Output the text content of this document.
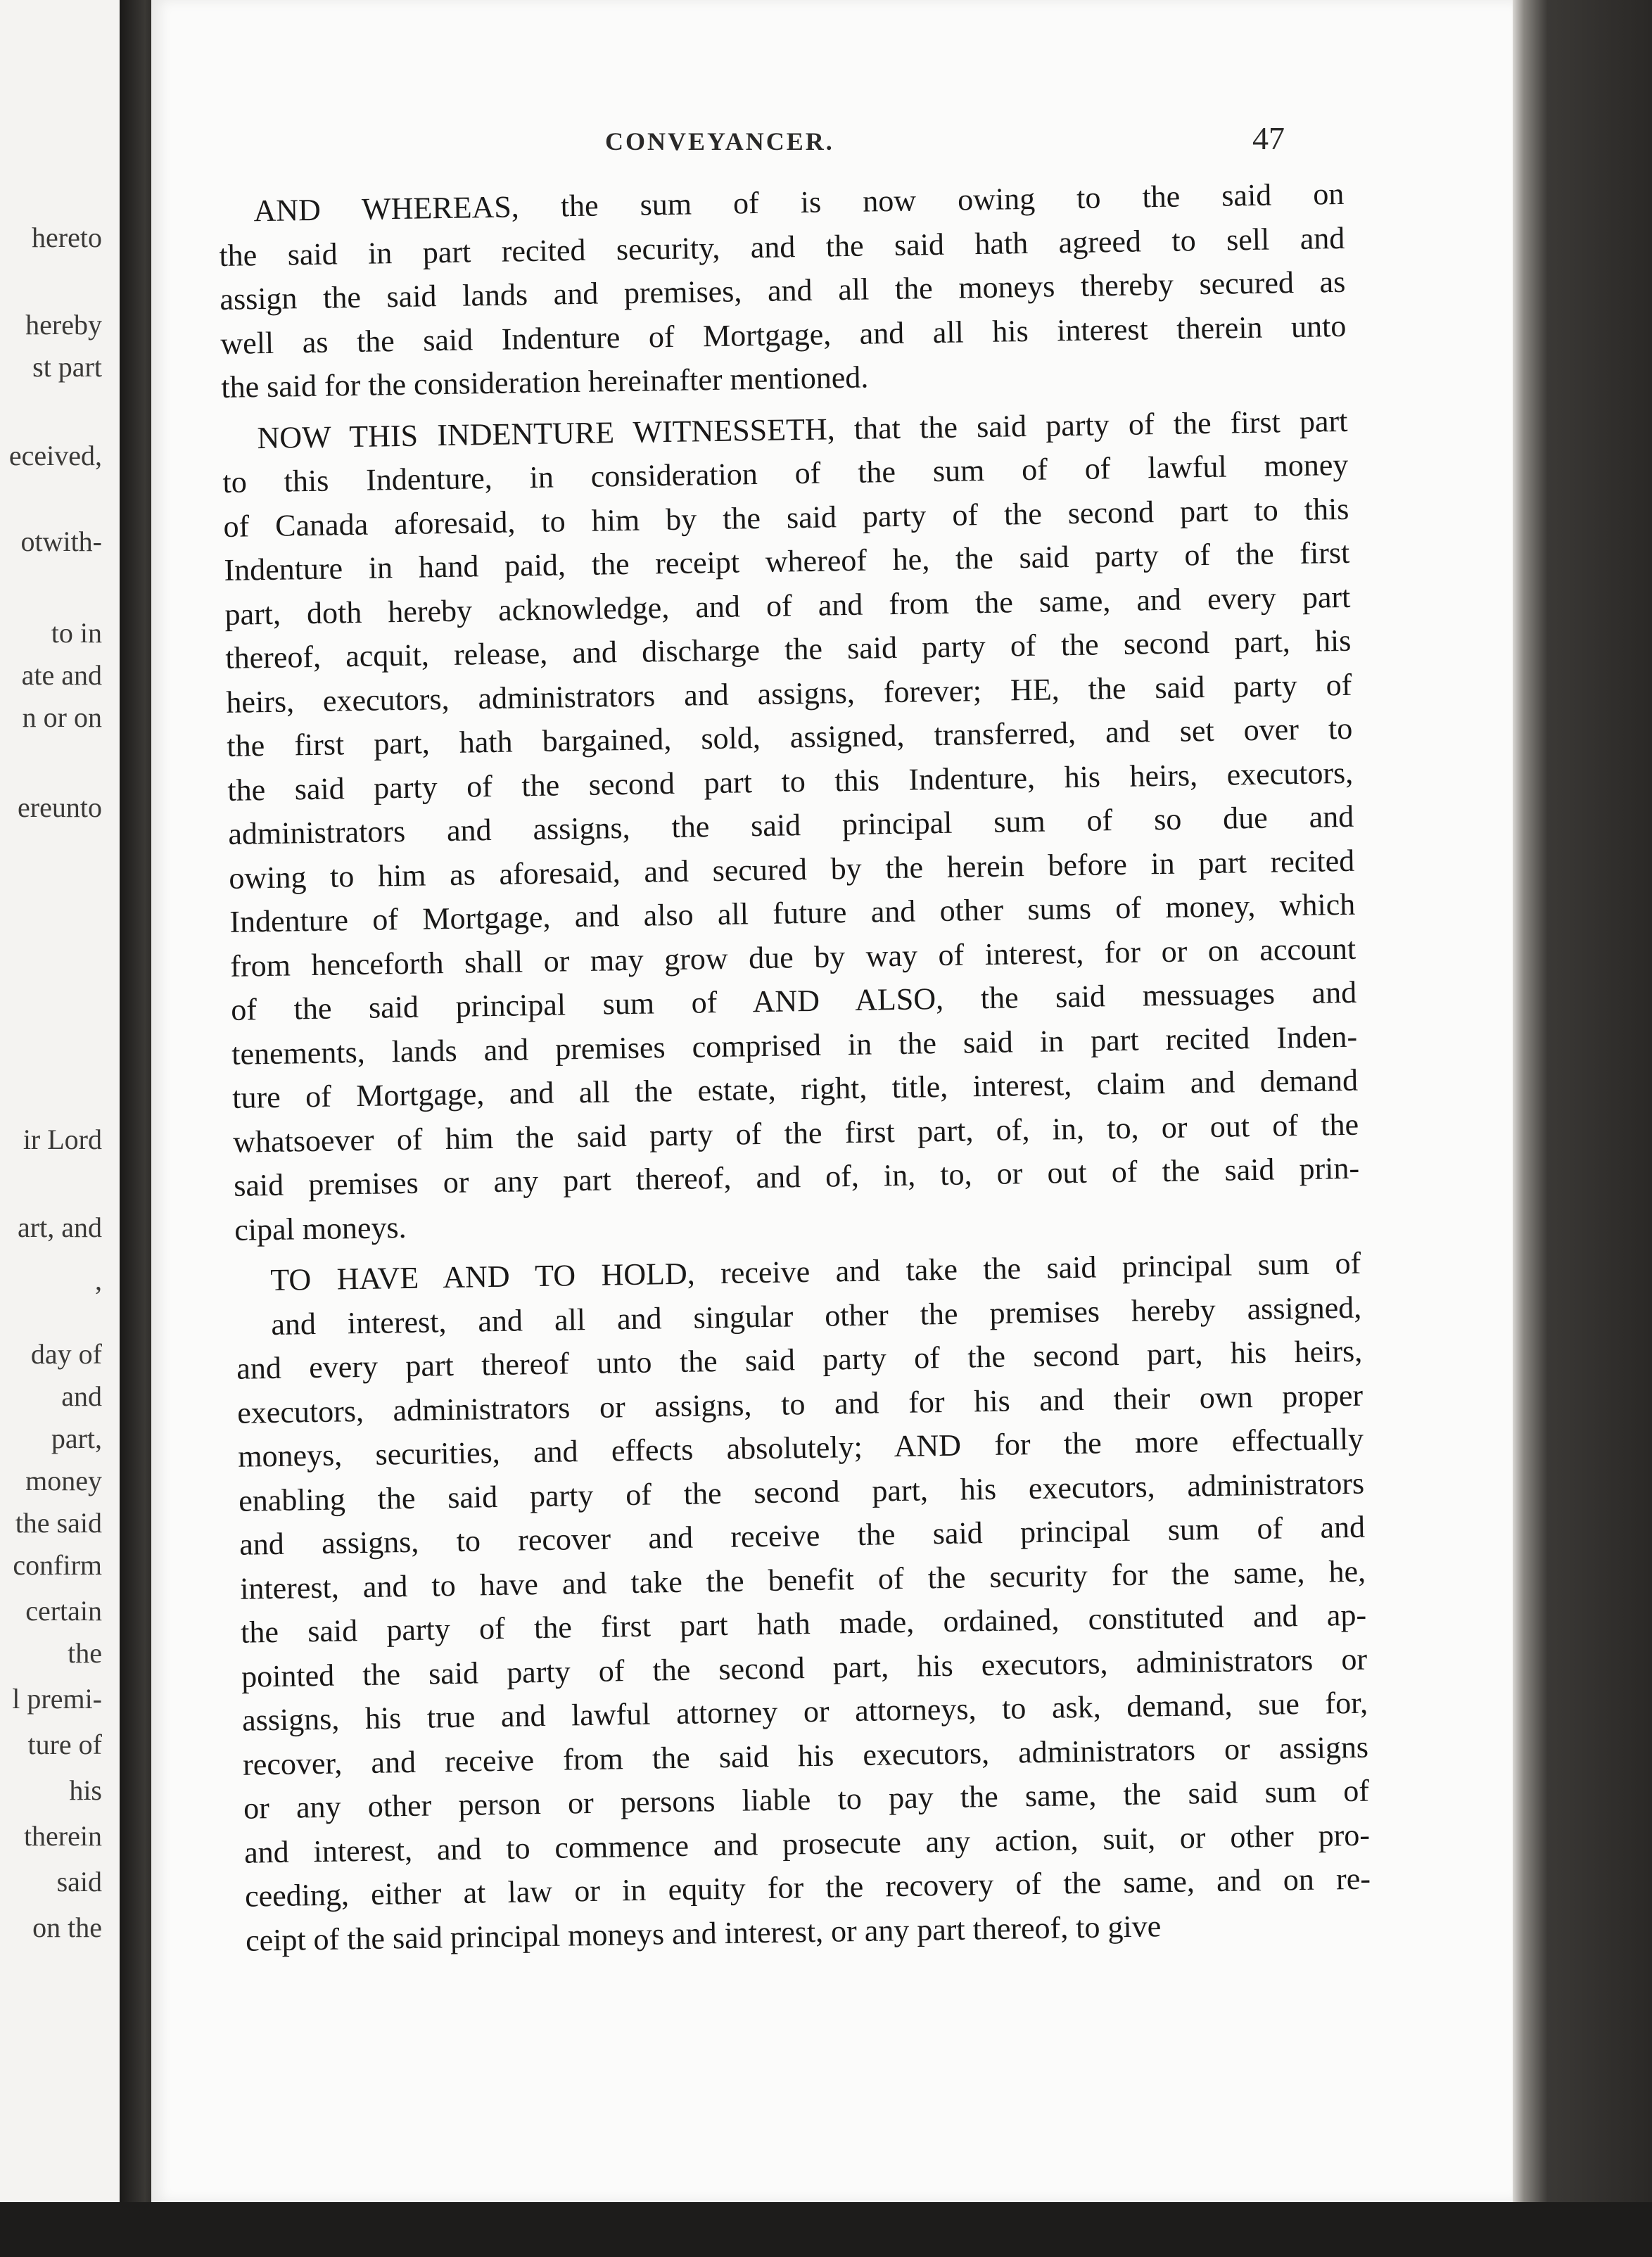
hereto
hereby
st part
eceived,
otwith-
to in
ate and
n or on
ereunto
ir Lord
art, and
,
day of
and
part,
money
the said
confirm
certain
the
l premi-
ture of
his
therein
said
on the
CONVEYANCER.	47

AND WHEREAS, the sum of is now owing to the said on
the said in part recited security, and the said hath agreed to sell and
assign the said lands and premises, and all the moneys thereby secured as
well as the said Indenture of Mortgage, and all his interest therein unto
the said for the consideration hereinafter mentioned.

NOW THIS INDENTURE WITNESSETH, that the said party of the first part
to this Indenture, in consideration of the sum of of lawful money
of Canada aforesaid, to him by the said party of the second part to this
Indenture in hand paid, the receipt whereof he, the said party of the first
part, doth hereby acknowledge, and of and from the same, and every part
thereof, acquit, release, and discharge the said party of the second part, his
heirs, executors, administrators and assigns, forever; HE, the said party of
the first part, hath bargained, sold, assigned, transferred, and set over to
the said party of the second part to this Indenture, his heirs, executors,
administrators and assigns, the said principal sum of so due and
owing to him as aforesaid, and secured by the herein before in part recited
Indenture of Mortgage, and also all future and other sums of money, which
from henceforth shall or may grow due by way of interest, for or on account
of the said principal sum of AND ALSO, the said messuages and
tenements, lands and premises comprised in the said in part recited Inden-
ture of Mortgage, and all the estate, right, title, interest, claim and demand
whatsoever of him the said party of the first part, of, in, to, or out of the
said premises or any part thereof, and of, in, to, or out of the said prin-
cipal moneys.

TO HAVE AND TO HOLD, receive and take the said principal sum of
and interest, and all and singular other the premises hereby assigned,
and every part thereof unto the said party of the second part, his heirs,
executors, administrators or assigns, to and for his and their own proper
moneys, securities, and effects absolutely; AND for the more effectually
enabling the said party of the second part, his executors, administrators
and assigns, to recover and receive the said principal sum of and
interest, and to have and take the benefit of the security for the same, he,
the said party of the first part hath made, ordained, constituted and ap-
pointed the said party of the second part, his executors, administrators or
assigns, his true and lawful attorney or attorneys, to ask, demand, sue for,
recover, and receive from the said his executors, administrators or assigns
or any other person or persons liable to pay the same, the said sum of
and interest, and to commence and prosecute any action, suit, or other pro-
ceeding, either at law or in equity for the recovery of the same, and on re-
ceipt of the said principal moneys and interest, or any part thereof, to give
